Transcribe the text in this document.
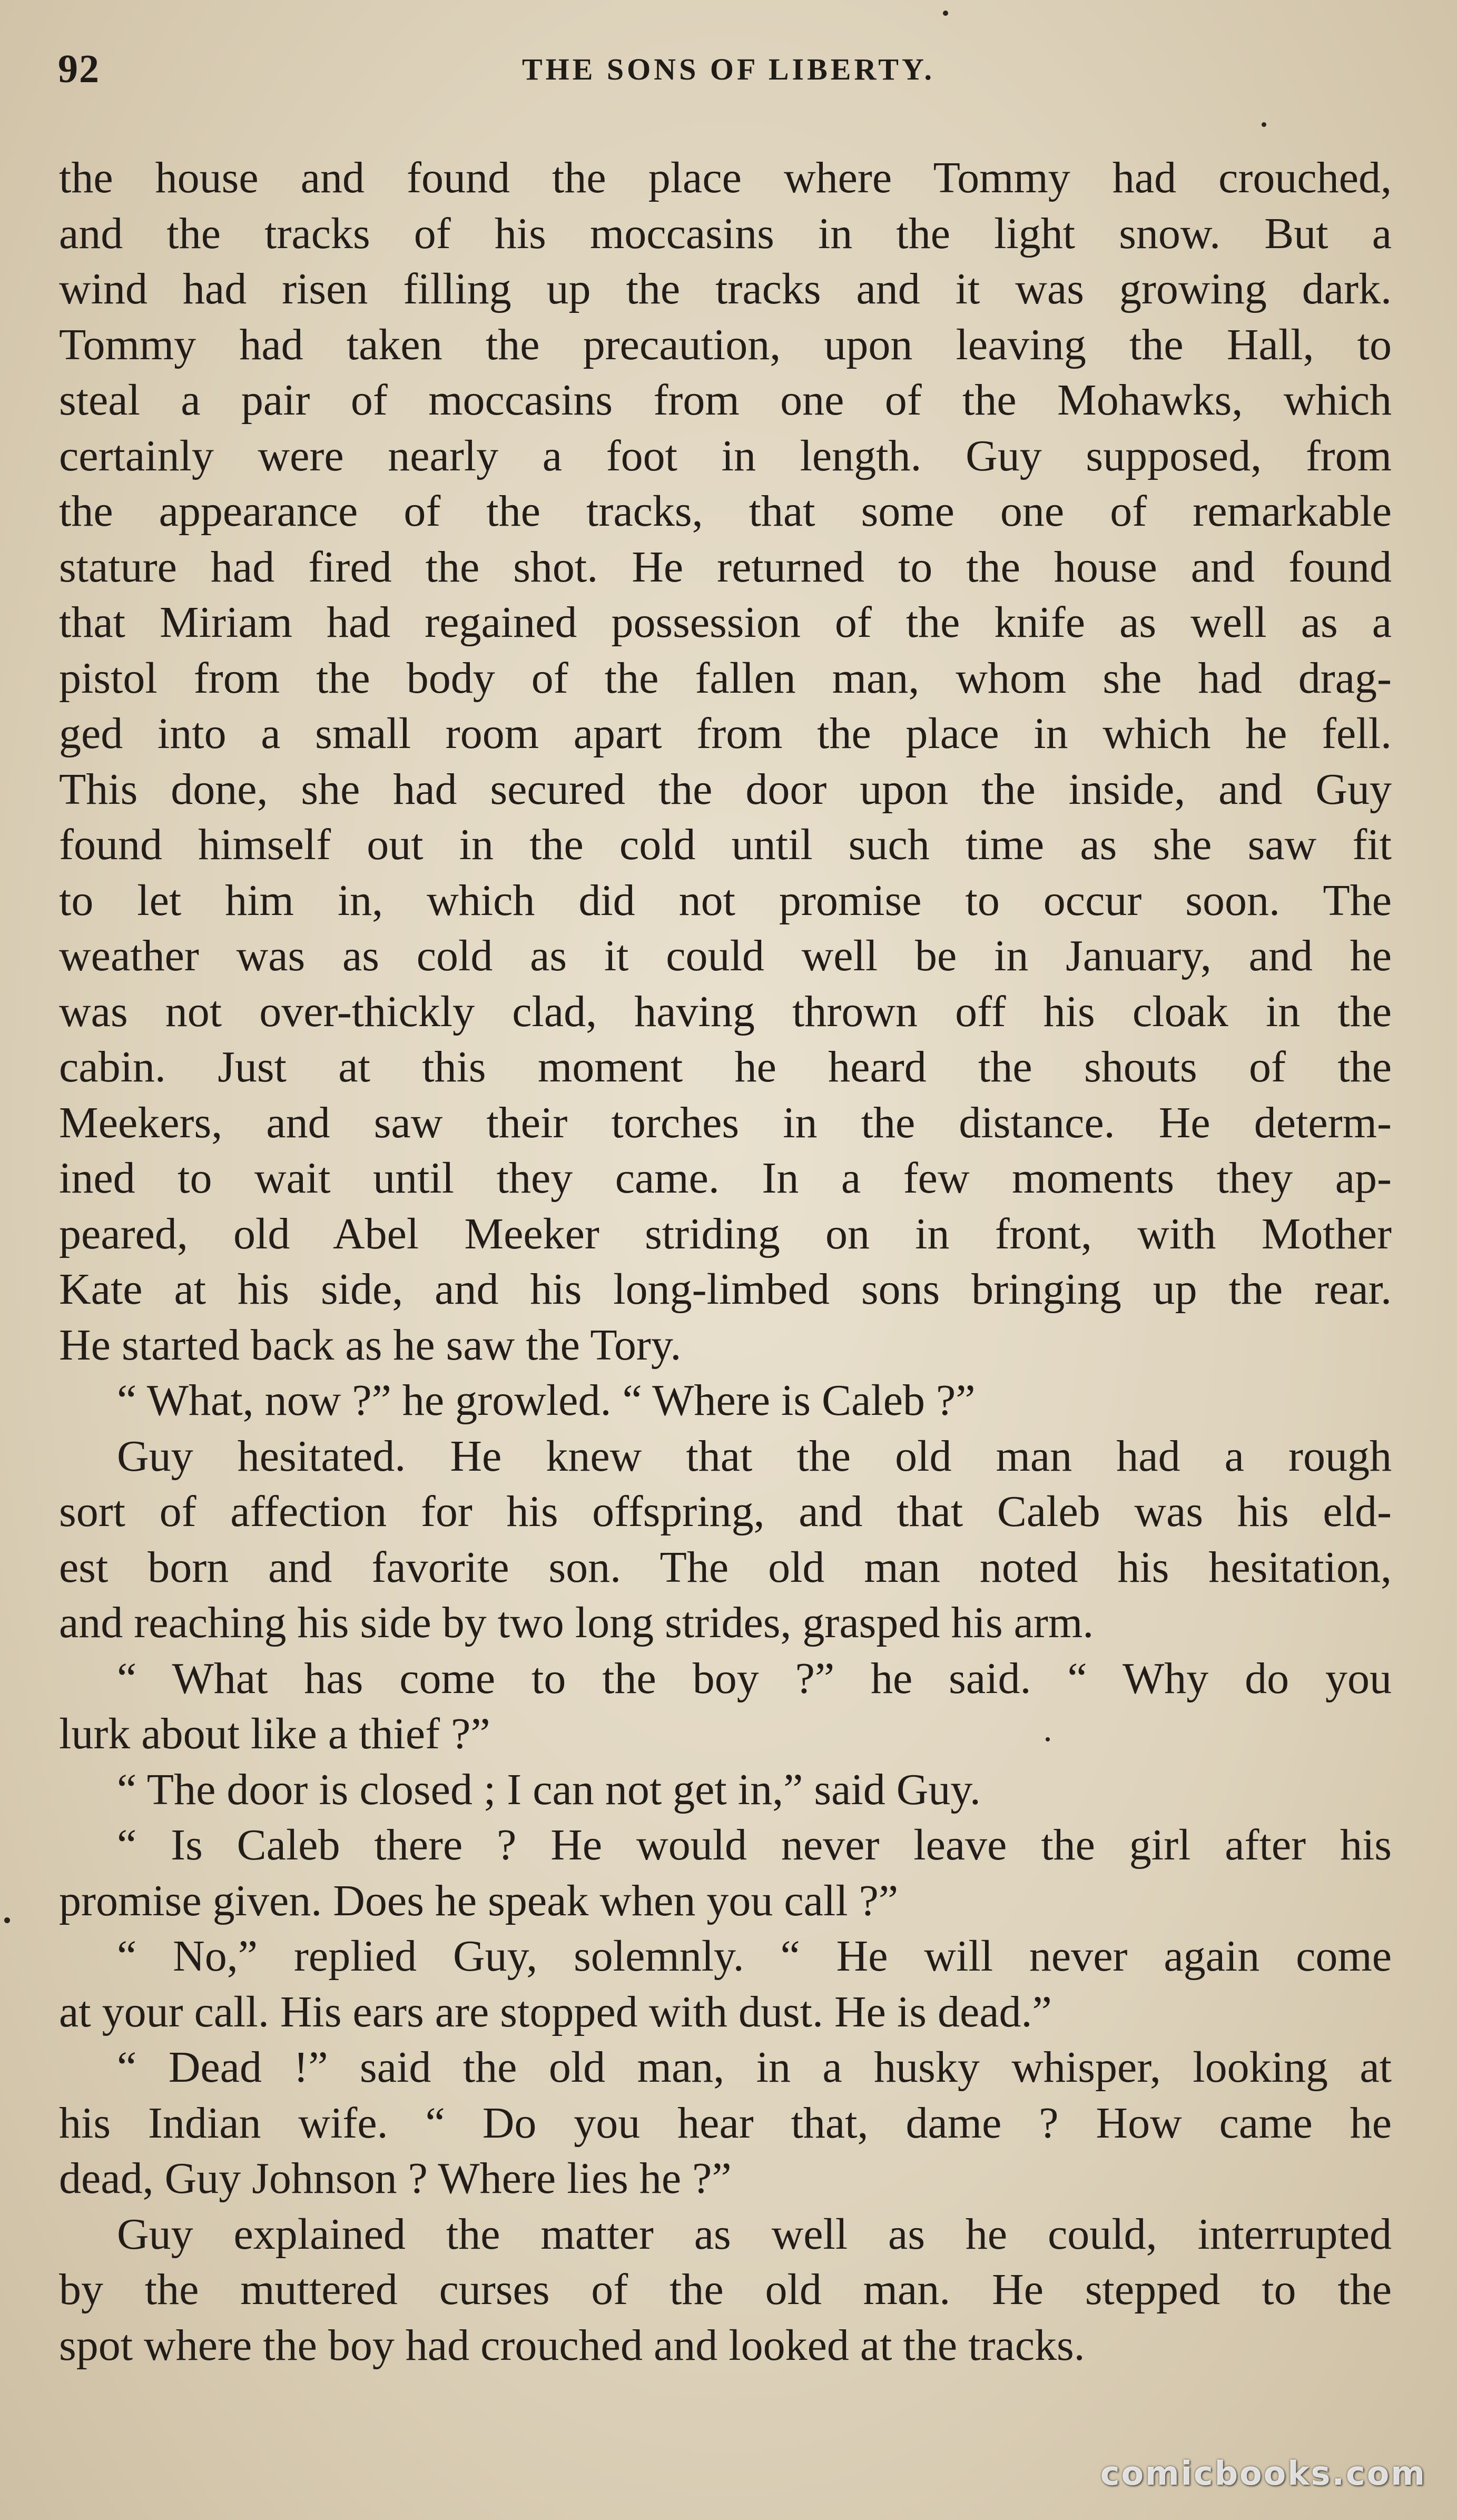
92	THE SONS OF LIBERTY.
the house and found the place where Tommy had crouched,
and the tracks of his moccasins in the light snow. But a
wind had risen filling up the tracks and it was growing dark.
Tommy had taken the precaution, upon leaving the Hall, to
steal a pair of moccasins from one of the Mohawks, which
certainly were nearly a foot in length. Guy supposed, from
the appearance of the tracks, that some one of remarkable
stature had fired the shot. He returned to the house and found
that Miriam had regained possession of the knife as well as a
pistol from the body of the fallen man, whom she had drag-
ged into a small room apart from the place in which he fell.
This done, she had secured the door upon the inside, and Guy
found himself out in the cold until such time as she saw fit
to let him in, which did not promise to occur soon. The
weather was as cold as it could well be in January, and he
was not over-thickly clad, having thrown off his cloak in the
cabin. Just at this moment he heard the shouts of the
Meekers, and saw their torches in the distance. He determ-
ined to wait until they came. In a few moments they ap-
peared, old Abel Meeker striding on in front, with Mother
Kate at his side, and his long-limbed sons bringing up the rear.
He started back as he saw the Tory.
“ What, now ?” he growled. “ Where is Caleb ?”
Guy hesitated. He knew that the old man had a rough
sort of affection for his offspring, and that Caleb was his eld-
est born and favorite son. The old man noted his hesitation,
and reaching his side by two long strides, grasped his arm.
“ What has come to the boy ?” he said. “ Why do you
lurk about like a thief ?”
“ The door is closed ; I can not get in,” said Guy.
“ Is Caleb there ? He would never leave the girl after his
promise given. Does he speak when you call ?”
“ No,” replied Guy, solemnly. “ He will never again come
at your call. His ears are stopped with dust. He is dead.”
“ Dead !” said the old man, in a husky whisper, looking at
his Indian wife. “ Do you hear that, dame ? How came he
dead, Guy Johnson ? Where lies he ?”
Guy explained the matter as well as he could, interrupted
by the muttered curses of the old man. He stepped to the
spot where the boy had crouched and looked at the tracks.
comicbooks.com
